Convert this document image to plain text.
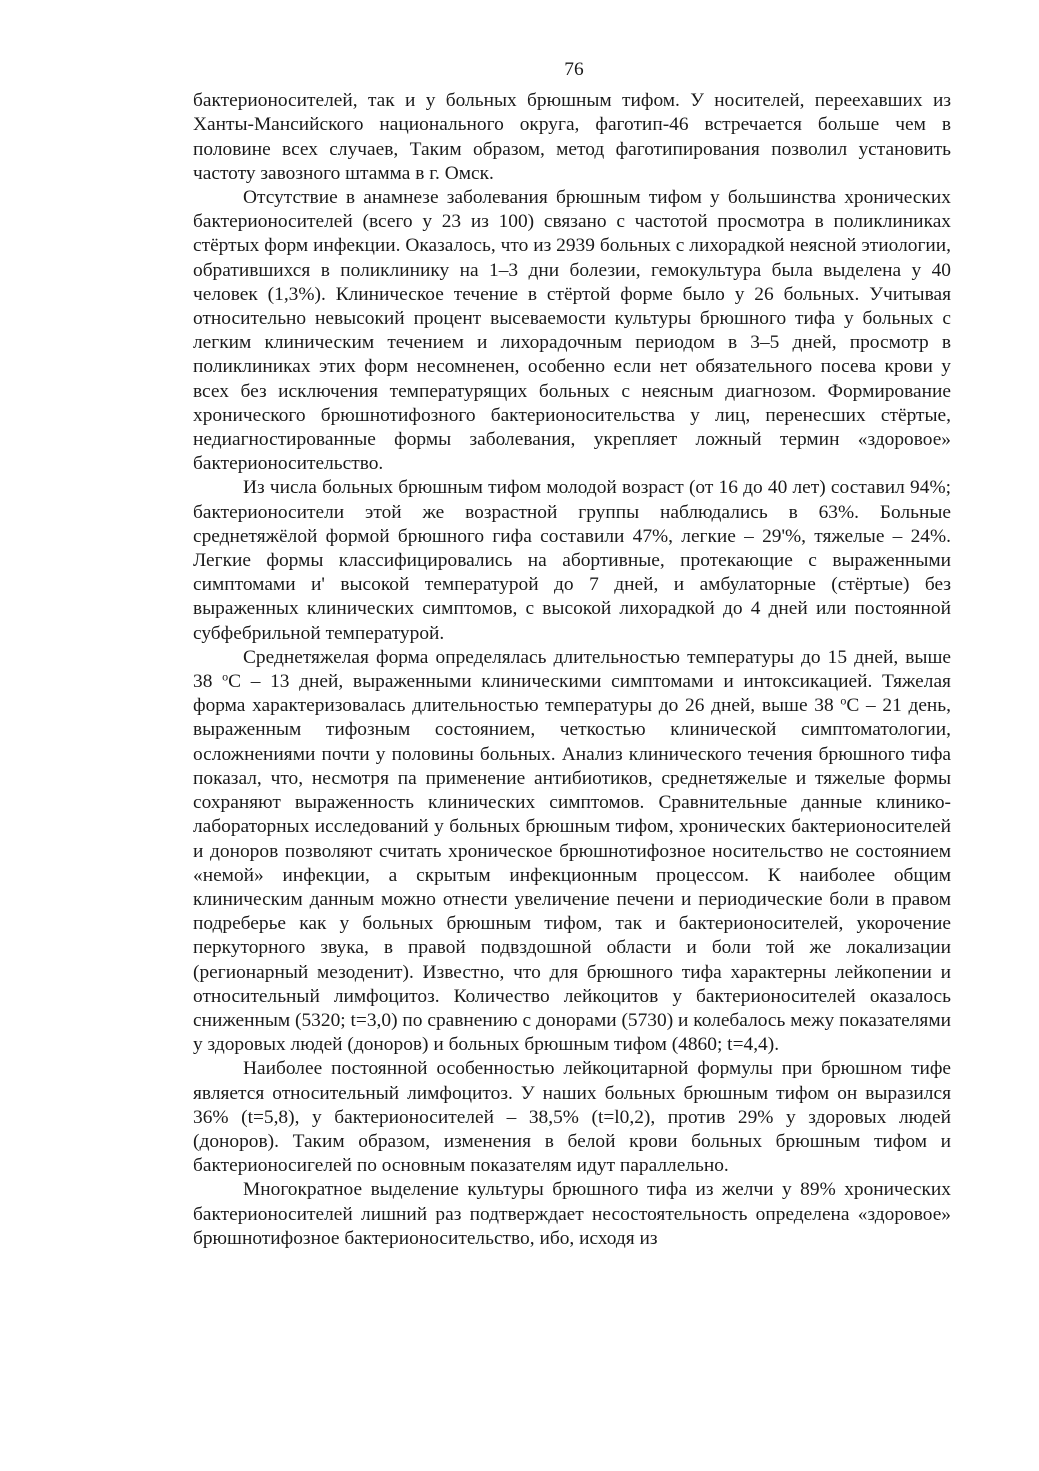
76

бактерионосителей, так и у больных брюшным тифом. У носителей, переехавших из Ханты-Мансийского национального округа, фаготип-46 встречается больше чем в половине всех случаев, Таким образом, метод фаготипирования позволил установить частоту завозного штамма в г. Омск.

Отсутствие в анамнезе заболевания брюшным тифом у большинства хронических бактерионосителей (всего у 23 из 100) связано с частотой просмотра в поликлиниках стёртых форм инфекции. Оказалось, что из 2939 больных с лихорадкой неясной этиологии, обратившихся в поликлинику на 1–3 дни болезии, гемокультура была выделена у 40 человек (1,3%). Клиническое течение в стёртой форме было у 26 больных. Учитывая относительно невысокий процент высеваемости культуры брюшного тифа у больных с легким клиническим течением и лихорадочным периодом в 3–5 дней, просмотр в поликлиниках этих форм несомненен, особенно если нет обязательного посева крови у всех без исключения температурящих больных с неясным диагнозом. Формирование хронического брюшнотифозного бактерионосительства у лиц, перенесших стёртые, недиагностированные формы заболевания, укрепляет ложный термин «здоровое» бактерионосительство.

Из числа больных брюшным тифом молодой возраст (от 16 до 40 лет) составил 94%; бактерионосители этой же возрастной группы наблюдались в 63%. Больные среднетяжёлой формой брюшного гифа составили 47%, легкие – 29'%, тяжелые – 24%. Легкие формы классифицировались на абортивные, протекающие с выраженными симптомами и' высокой температурой до 7 дней, и амбулаторные (стёртые) без выраженных клинических симптомов, с высокой лихорадкой до 4 дней или постоянной субфебрильной температурой.

Среднетяжелая форма определялась длительностью температуры до 15 дней, выше 38 $^o$С – 13 дней, выраженными клиническими симптомами и интоксикацией. Тяжелая форма характеризовалась длительностью температуры до 26 дней, выше 38 $^o$С – 21 день, выраженным тифозным состоянием, четкостью клинической симптоматологии, осложнениями почти у половины больных. Анализ клинического течения брюшного тифа показал, что, несмотря па применение антибиотиков, среднетяжелые и тяжелые формы сохраняют выраженность клинических симптомов. Сравнительные данные клинико-лабораторных исследований у больных брюшным тифом, хронических бактерионосителей и доноров позволяют считать хроническое брюшнотифозное носительство не состоянием «немой» инфекции, а скрытым инфекционным процессом. К наиболее общим клиническим данным можно отнести увеличение печени и периодические боли в правом подреберье как у больных брюшным тифом, так и бактерионосителей, укорочение перкуторного звука, в правой подвздошной области и боли той же локализации (регионарный мезоденит). Известно, что для брюшного тифа характерны лейкопении и относительный лимфоцитоз. Количество лейкоцитов у бактерионосителей оказалось сниженным (5320; t=3,0) по сравнению с донорами (5730) и колебалось межу показателями у здоровых людей (доноров) и больных брюшным тифом (4860; t=4,4).

Наиболее постоянной особенностью лейкоцитарной формулы при брюшном тифе является относительный лимфоцитоз. У наших больных брюшным тифом он выразился 36% (t=5,8), у бактерионосителей – 38,5% (t=l0,2), против 29% у здоровых людей (доноров). Таким образом, изменения в белой крови больных брюшным тифом и бактерионосигелей по основным показателям идут параллельно.

Многократное выделение культуры брюшного тифа из желчи у 89% хронических бактерионосителей лишний раз подтверждает несостоятельность определена «здоровое» брюшнотифозное бактерионосительство, ибо, исходя из
